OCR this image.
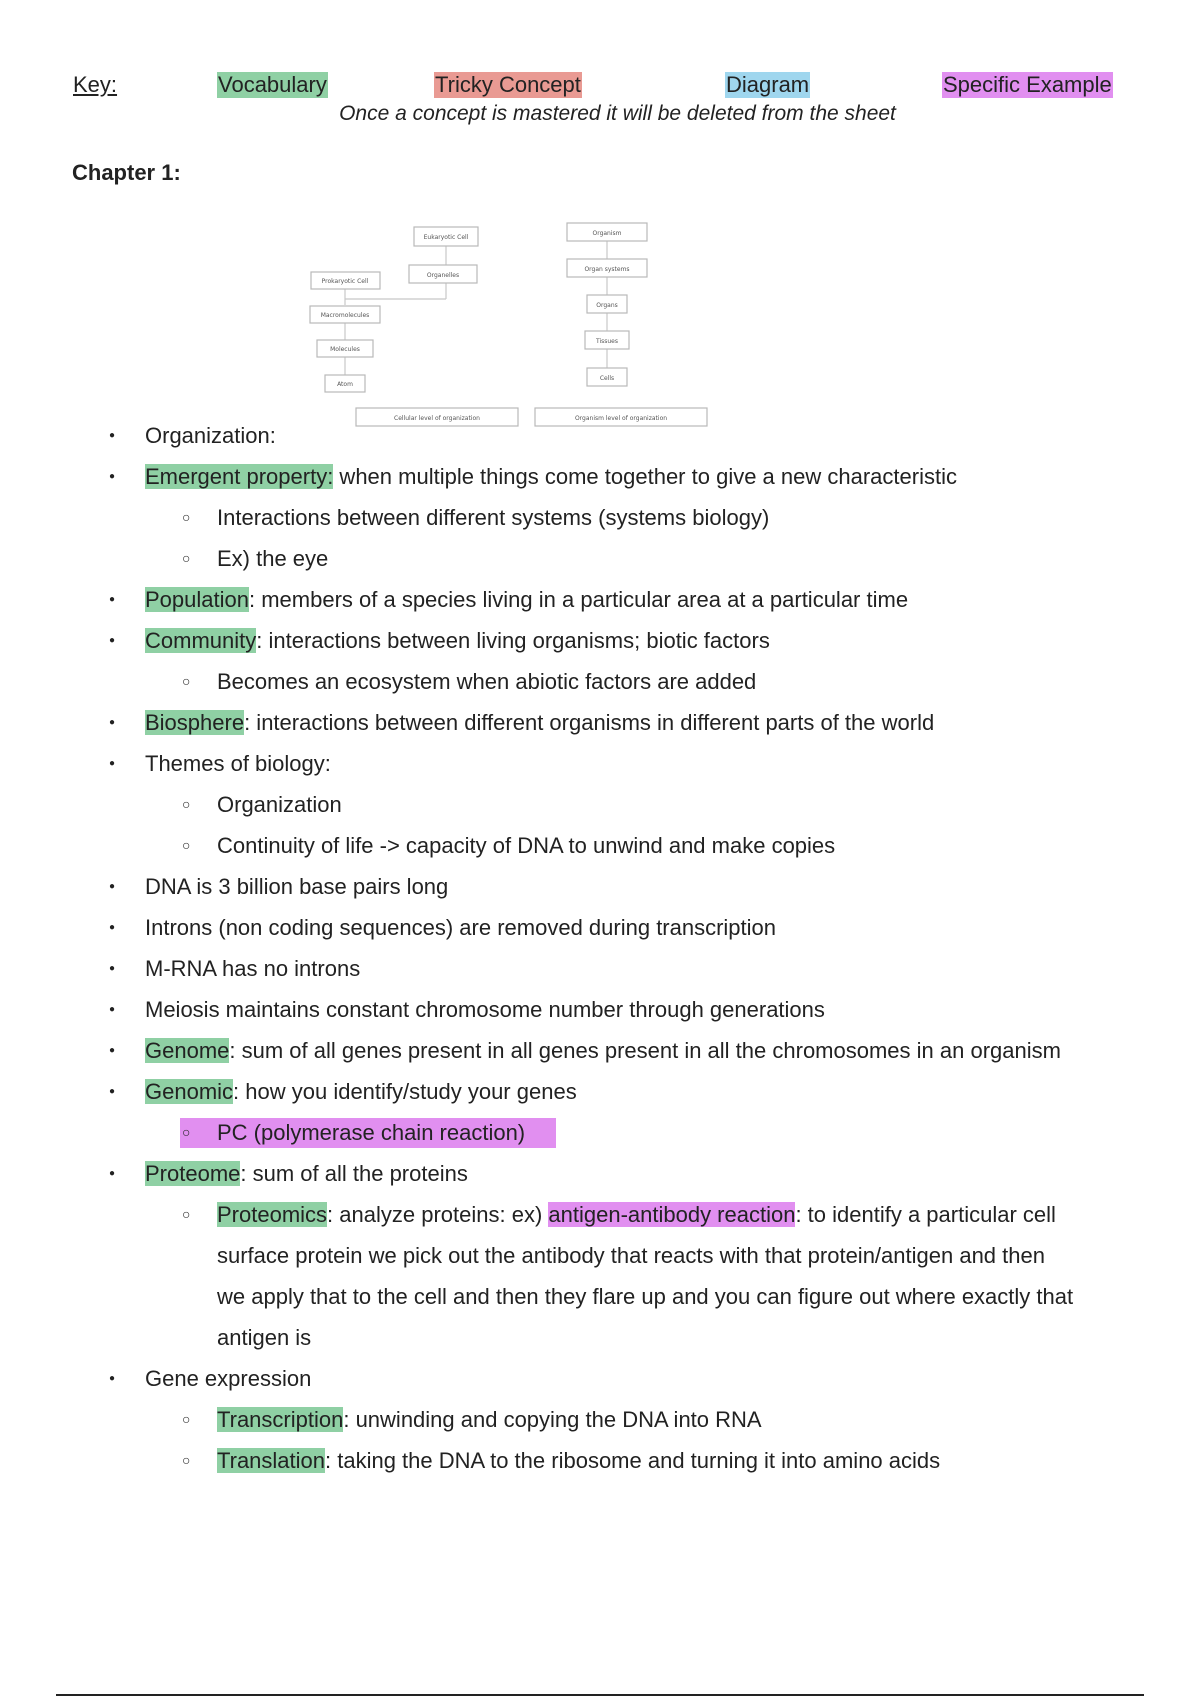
Key:	Vocabulary	Tricky Concept	Diagram	Specific Example
Once a concept is mastered it will be deleted from the sheet
Chapter 1:
Eukaryotic Cell
Organelles
Prokaryotic Cell
Macromolecules
Molecules
Atom
Organism
Organ systems
Organs
Tissues
Cells
Cellular level of organization	Organism level of organization
● Organization:
● Emergent property: when multiple things come together to give a new characteristic
○ Interactions between different systems (systems biology)
○ Ex) the eye
● Population: members of a species living in a particular area at a particular time
● Community: interactions between living organisms; biotic factors
○ Becomes an ecosystem when abiotic factors are added
● Biosphere: interactions between different organisms in different parts of the world
● Themes of biology:
○ Organization
○ Continuity of life -> capacity of DNA to unwind and make copies
● DNA is 3 billion base pairs long
● Introns (non coding sequences) are removed during transcription
● M-RNA has no introns
● Meiosis maintains constant chromosome number through generations
● Genome: sum of all genes present in all genes present in all the chromosomes in an organism
● Genomic: how you identify/study your genes
○ PC (polymerase chain reaction)
● Proteome: sum of all the proteins
○ Proteomics: analyze proteins: ex) antigen-antibody reaction: to identify a particular cell
surface protein we pick out the antibody that reacts with that protein/antigen and then
we apply that to the cell and then they flare up and you can figure out where exactly that
antigen is
● Gene expression
○ Transcription: unwinding and copying the DNA into RNA
○ Translation: taking the DNA to the ribosome and turning it into amino acids
